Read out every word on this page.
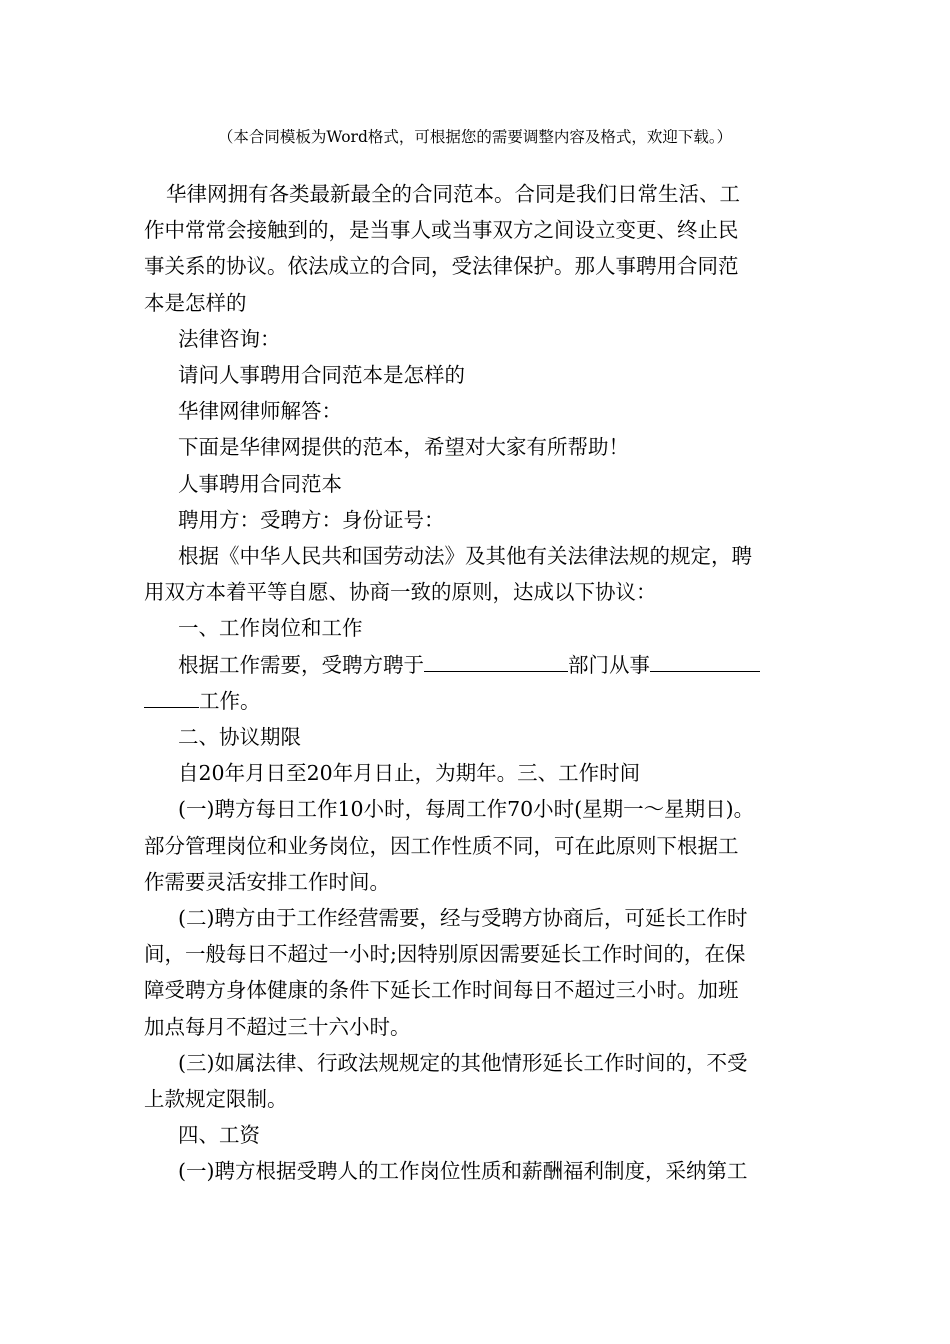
（本合同模板为Word格式，可根据您的需要调整内容及格式，欢迎下载。）

华律网拥有各类最新最全的合同范本。合同是我们日常生活、工
作中常常会接触到的，是当事人或当事双方之间设立变更、终止民
事关系的协议。依法成立的合同，受法律保护。那人事聘用合同范
本是怎样的

法律咨询：

请问人事聘用合同范本是怎样的

华律网律师解答：

下面是华律网提供的范本，希望对大家有所帮助！

人事聘用合同范本

聘用方：受聘方：身份证号：

根据《中华人民共和国劳动法》及其他有关法律法规的规定，聘
用双方本着平等自愿、协商一致的原则，达成以下协议：

一、工作岗位和工作

根据工作需要，受聘方聘于	部门从事
工作。

二、协议期限

自20年月日至20年月日止，为期年。三、工作时间

(一)聘方每日工作10小时，每周工作70小时(星期一～星期日)。
部分管理岗位和业务岗位，因工作性质不同，可在此原则下根据工
作需要灵活安排工作时间。

(二)聘方由于工作经营需要，经与受聘方协商后，可延长工作时
间，一般每日不超过一小时;因特别原因需要延长工作时间的，在保
障受聘方身体健康的条件下延长工作时间每日不超过三小时。加班
加点每月不超过三十六小时。

(三)如属法律、行政法规规定的其他情形延长工作时间的，不受
上款规定限制。

四、工资

(一)聘方根据受聘人的工作岗位性质和薪酬福利制度，采纳第工
